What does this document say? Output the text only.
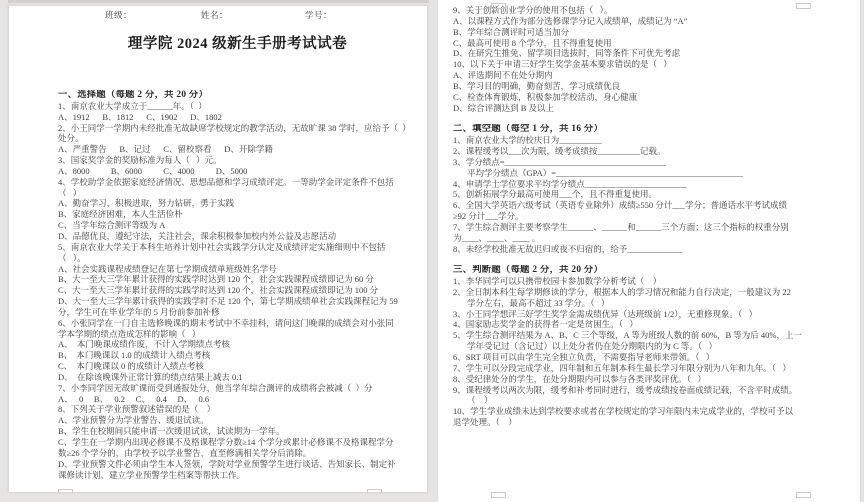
班级：	姓名：	学号：
理学院 2024 级新生手册考试试卷
一、选择题（每题 2 分，共 20 分）
1、南京农业大学成立于______年。（  ）
A、1912      B、1812      C、1902      D、1802
2、小王同学一学期内未经批准无故缺席学校规定的教学活动，无故旷课 38 学时，应给予（  ）
处分。
A、严重警告      B、记过      C、留校察看      D、开除学籍
3、国家奖学金的奖励标准为每人（   ）元。
A、8000          B、6000          C、4000          D、5000
4、学校助学金依据家庭经济情况、思想品德和学习成绩评定。一等助学金评定条件不包括
（   ）
A、勤奋学习，积极进取，努力钻研，勇于实践
B、家庭经济困难，本人生活俭朴
C、当学年综合测评等级为 A
D、品德优良，遵纪守法，关注社会，课余积极参加校内外公益及志愿活动
5、南京农业大学关于本科生培养计划中社会实践学分认定及成绩评定实施细则中不包括
（   ）。
A、社会实践课程成绩登记在第七学期成绩单班级姓名学号
B、大一至大三学年累计获得的实践学时达到 120 个，社会实践课程成绩即记为 60 分
C、大一至大三学年累计获得的实践学时达到 120 个，社会实践课程成绩即记为 100 分
D、大一至大三学年累计获得的实践学时不足 120 个，第七学期成绩单社会实践课程记为 59
分，学生可在毕业学年的 5 月份前参加补修
6、小张同学在一门自主选修晚课的期末考试中不幸挂科，请问这门晚课的成绩会对小张同
学本学期的绩点造成怎样的影响（   ）
A、  本门晚课成绩作废，不计入学期绩点考核
B、  本门晚课以 1.0 的成绩计入绩点考核
C、  本门晚课以 0 的成绩计入绩点考核
D、  在除该晚课外正常计算的绩点结果上减去 0.1
7、小李同学因无故旷课而受到通报处分，他当学年综合测评的成绩将会被减（  ）分
A、   0     B、   0.2     C、   0.4     D、   0.6
8、下列关于学业预警叙述错误的是（    ）
A、学业预警分为学业警告、缓退试读。
B、学生在校期间只能申请一次缓退试读，试读期为一学年。
C、学生在一学期内出现必修课不及格课程学分数≥14 个学分或累计必修课不及格课程学分
数≥26 个学分的，由学校予以学业警告，直至修满相关学分后消除。
D、学业预警文件必须由学生本人签领，学院对学业预警学生进行谈话、告知家长、制定补
课修读计划、建立学业预警学生档案等帮扶工作。
9、关于创新创业学分的使用不包括（   ）。
A、以课程方式作为部分选修课学分记入成绩单，成绩记为 “A”
B、学年综合测评时可适当加分
C、最高可使用 8 个学分，且不得重复使用
D、在研究生推免、留学项目选拔时，同等条件下可优先考虑
10、以下关于申请三好学生奖学金基本要求错误的是（   ）
A、评选期间不在处分期内
B、学习目的明确，勤奋刻苦，学习成绩优良
C、检查体育锻炼，积极参加学校活动，身心健康
D、综合评测达到 B 及以上

二、填空题（每空 1 分，共 16 分）
1、南京农业大学的校庆日为__________
2、课程缓考以___次为限，缓考成绩按__________记载。
3、学分绩点=______________________________________
平均学分绩点（GPA）=____________________________________________
4、申请学士学位要求平均学分绩点________________________
5、创新拓展学分最高可使用___个，且不得重复使用。
6、全国大学英语六级考试（英语专业除外）成绩≥550 分计___学分；普通话水平考试成绩
≥92 分计___学分。
7、学生综合测评主要考察学生______、______和______三个方面；这三个指标的权重分别
为____、____、____ 。
8、未经学校批准无故迟归或夜不归宿的，给予_____________

三、判断题（每题 2 分，共 20 分）
1、李华同学可以只携带校园卡参加数学分析考试（    ）
2、全日制本科生每学期修读的学分，根据本人的学习情况和能力自行决定，一般建议为 22
学分左右，最高不超过 33 学分。（   ）
3、小王同学想评三好学生奖学金需成绩优异（达班级前 1/2），无重修现象。（   ）
4、国家励志奖学金的获得者一定是贫困生。（   ）
5、学生综合测评结果为 A、B、C 三个等级，A 等为班级人数的前 60%，B 等为后 40%，上一
学年受记过（含记过）以上处分者仍在处分期限内的为 C 等。（   ）
6、SRT 项目可以由学生完全独立负责，不需要指导老师来带领。（   ）
7、学生可以分段完成学业，四年制和五年制本科生最长学习年限分别为八年和九年。（   ）
8、受纪律处分的学生，在处分期限内可以参与各类评奖评优。（   ）
9、课程缓考以两次为限，缓考和补考同时进行，缓考成绩按卷面成绩记载，不含平时成绩。
（    ）
10、学生学业成绩未达到学校要求或者在学校规定的学习年限内未完成学业的，学校可予以
退学处理。（    ）
